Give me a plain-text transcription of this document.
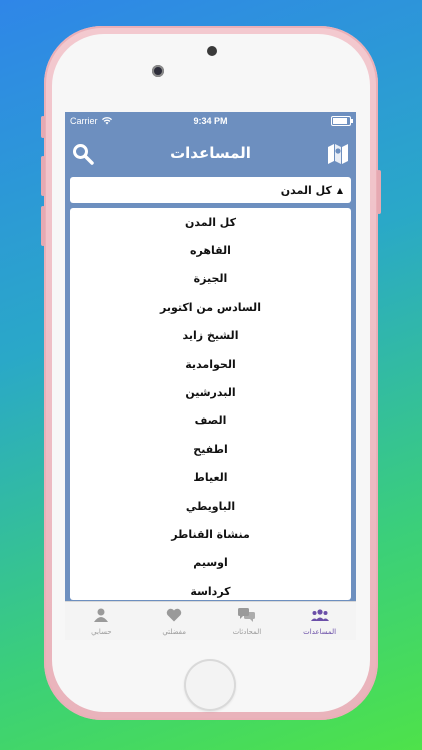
Carrier	9:34 PM
المساعدات
كل المدن ▲
كل المدن
القاهره
الجيزة
السادس من اكتوبر
الشيخ زايد
الحوامدية
البدرشين
الصف
اطفيح
العياط
الباويطي
منشاة القناطر
اوسيم
كرداسة
المساعدات
المحادثات
مفضلتي
حسابي
